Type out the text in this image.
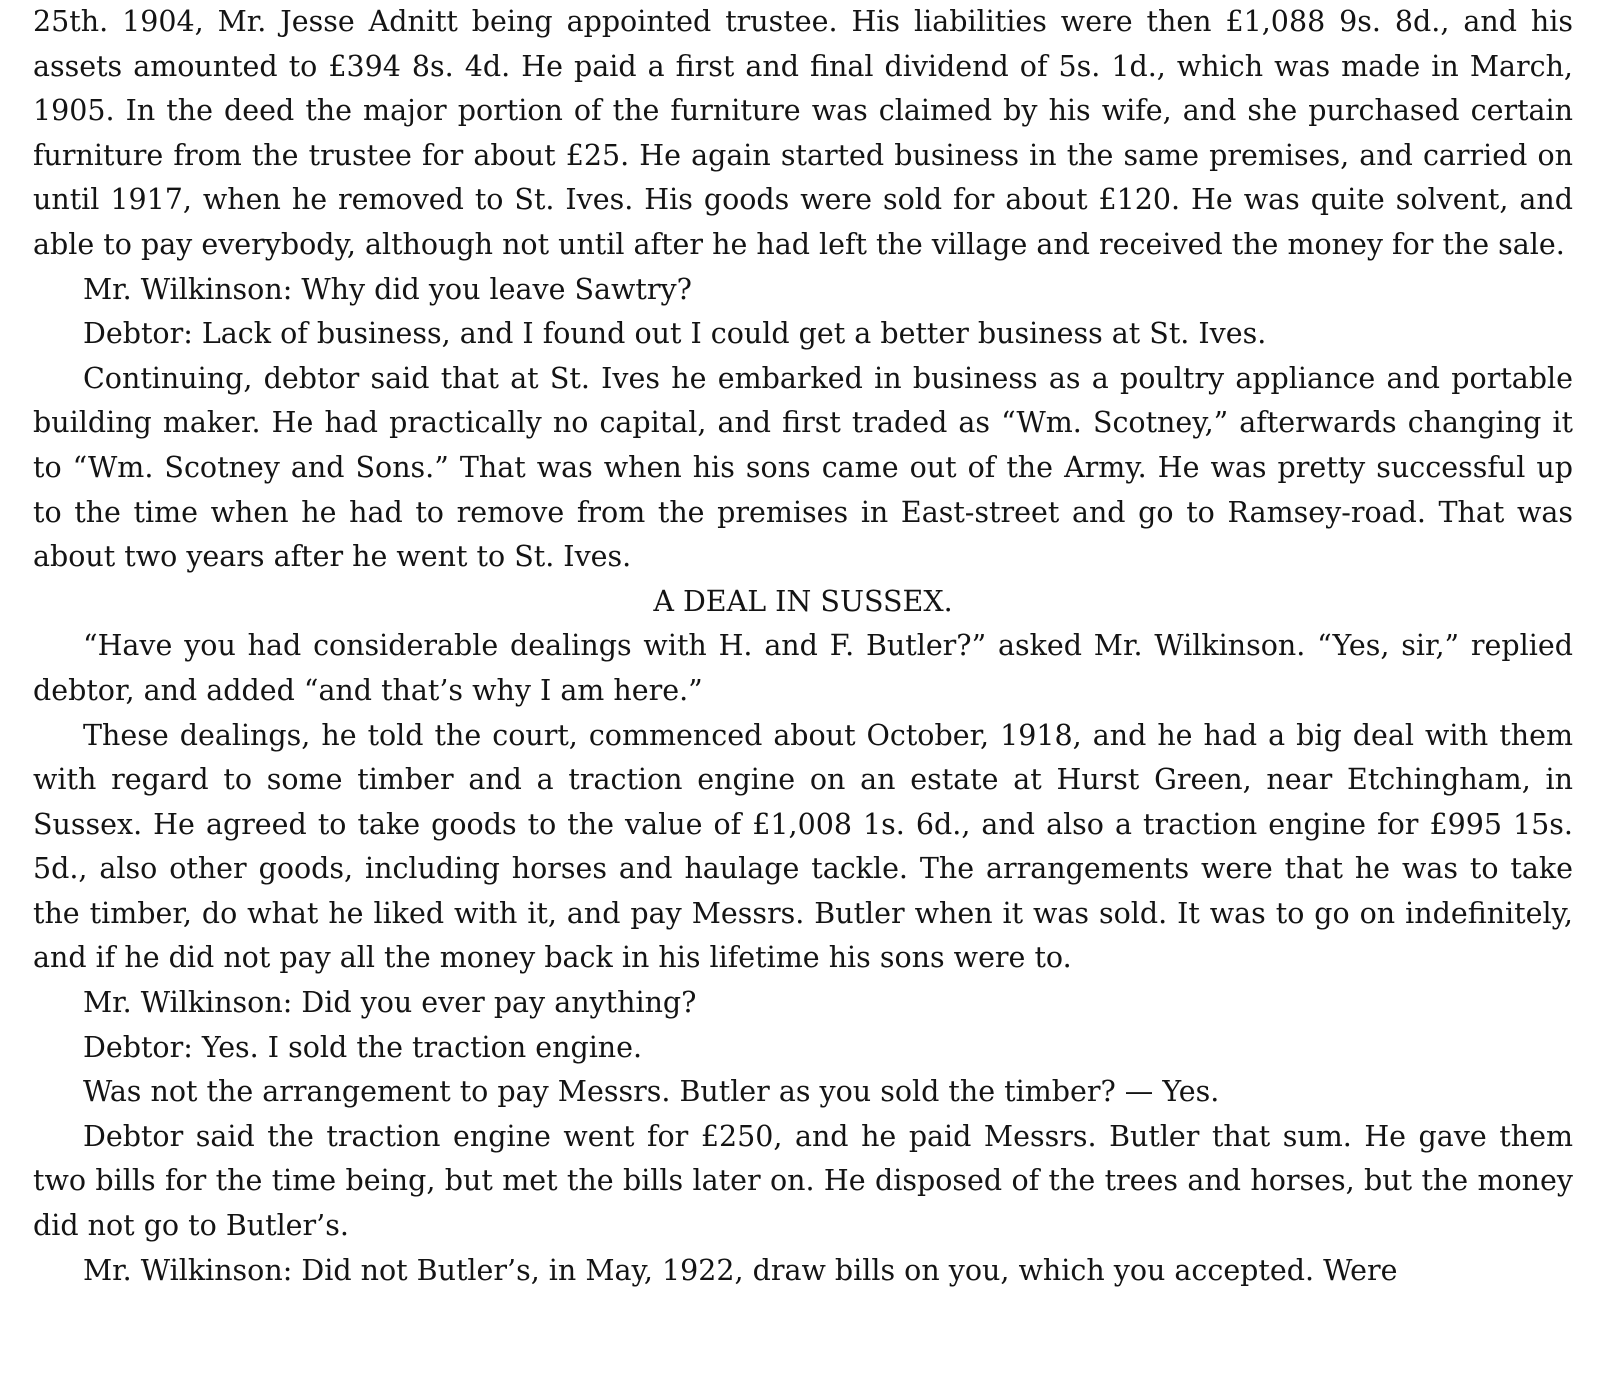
25th. 1904, Mr. Jesse Adnitt being appointed trustee. His liabilities were then £1,088 9s. 8d., and his assets amounted to £394 8s. 4d. He paid a first and final dividend of 5s. 1d., which was made in March, 1905. In the deed the major portion of the furniture was claimed by his wife, and she purchased certain furniture from the trustee for about £25. He again started business in the same premises, and carried on until 1917, when he removed to St. Ives. His goods were sold for about £120. He was quite solvent, and able to pay everybody, although not until after he had left the village and received the money for the sale.

Mr. Wilkinson: Why did you leave Sawtry?

Debtor: Lack of business, and I found out I could get a better business at St. Ives.

Continuing, debtor said that at St. Ives he embarked in business as a poultry appliance and portable building maker. He had practically no capital, and first traded as “Wm. Scotney,” afterwards changing it to “Wm. Scotney and Sons.” That was when his sons came out of the Army. He was pretty successful up to the time when he had to remove from the premises in East-street and go to Ramsey-road. That was about two years after he went to St. Ives.

A DEAL IN SUSSEX.

“Have you had considerable dealings with H. and F. Butler?” asked Mr. Wilkinson. “Yes, sir,” replied debtor, and added “and that’s why I am here.”

These dealings, he told the court, commenced about October, 1918, and he had a big deal with them with regard to some timber and a traction engine on an estate at Hurst Green, near Etchingham, in Sussex. He agreed to take goods to the value of £1,008 1s. 6d., and also a traction engine for £995 15s. 5d., also other goods, including horses and haulage tackle. The arrangements were that he was to take the timber, do what he liked with it, and pay Messrs. Butler when it was sold. It was to go on indefinitely, and if he did not pay all the money back in his lifetime his sons were to.

Mr. Wilkinson: Did you ever pay anything?

Debtor: Yes. I sold the traction engine.

Was not the arrangement to pay Messrs. Butler as you sold the timber? — Yes.

Debtor said the traction engine went for £250, and he paid Messrs. Butler that sum. He gave them two bills for the time being, but met the bills later on. He disposed of the trees and horses, but the money did not go to Butler’s.

Mr. Wilkinson: Did not Butler’s, in May, 1922, draw bills on you, which you accepted. Were
